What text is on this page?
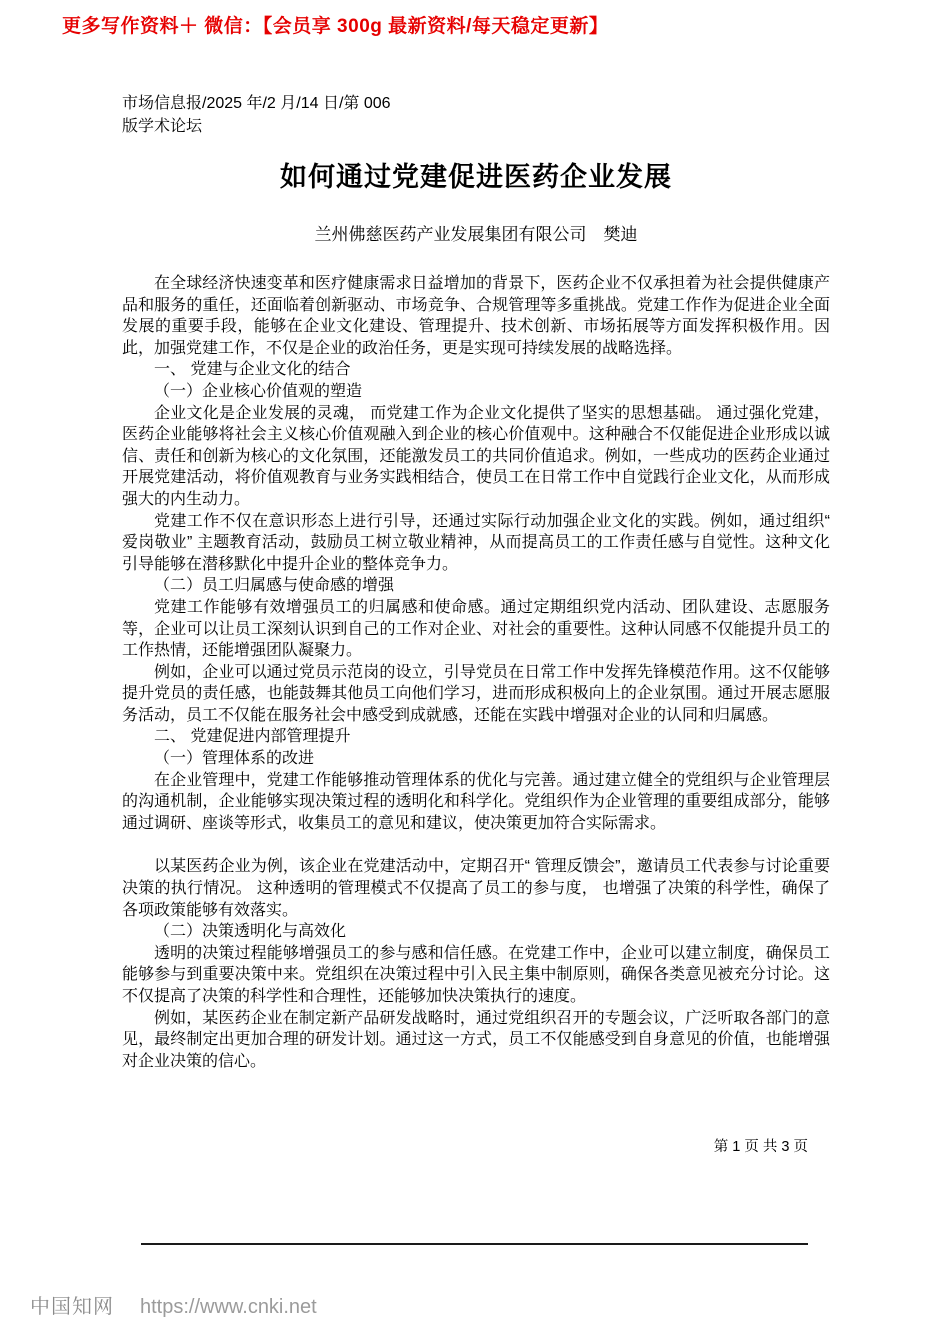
更多写作资料＋ 微信：【会员享 300g 最新资料/每天稳定更新】
市场信息报/2025 年/2 月/14 日/第 006
版学术论坛
如何通过党建促进医药企业发展
兰州佛慈医药产业发展集团有限公司　樊迪

在全球经济快速变革和医疗健康需求日益增加的背景下，医药企业不仅承担着为社会提供健康产品和服务的重任，还面临着创新驱动、市场竞争、合规管理等多重挑战。党建工作作为促进企业全面发展的重要手段，能够在企业文化建设、管理提升、技术创新、市场拓展等方面发挥积极作用。因此，加强党建工作，不仅是企业的政治任务，更是实现可持续发展的战略选择。

一、 党建与企业文化的结合

（一）企业核心价值观的塑造

企业文化是企业发展的灵魂， 而党建工作为企业文化提供了坚实的思想基础。 通过强化党建，医药企业能够将社会主义核心价值观融入到企业的核心价值观中。这种融合不仅能促进企业形成以诚信、责任和创新为核心的文化氛围，还能激发员工的共同价值追求。例如，一些成功的医药企业通过开展党建活动，将价值观教育与业务实践相结合，使员工在日常工作中自觉践行企业文化，从而形成强大的内生动力。

党建工作不仅在意识形态上进行引导，还通过实际行动加强企业文化的实践。例如，通过组织“ 爱岗敬业” 主题教育活动，鼓励员工树立敬业精神，从而提高员工的工作责任感与自觉性。这种文化引导能够在潜移默化中提升企业的整体竞争力。

（二）员工归属感与使命感的增强

党建工作能够有效增强员工的归属感和使命感。通过定期组织党内活动、团队建设、志愿服务等，企业可以让员工深刻认识到自己的工作对企业、对社会的重要性。这种认同感不仅能提升员工的工作热情，还能增强团队凝聚力。

例如，企业可以通过党员示范岗的设立，引导党员在日常工作中发挥先锋模范作用。这不仅能够提升党员的责任感，也能鼓舞其他员工向他们学习，进而形成积极向上的企业氛围。通过开展志愿服务活动，员工不仅能在服务社会中感受到成就感，还能在实践中增强对企业的认同和归属感。

二、 党建促进内部管理提升

（一）管理体系的改进

在企业管理中，党建工作能够推动管理体系的优化与完善。通过建立健全的党组织与企业管理层的沟通机制，企业能够实现决策过程的透明化和科学化。党组织作为企业管理的重要组成部分，能够通过调研、座谈等形式，收集员工的意见和建议，使决策更加符合实际需求。

以某医药企业为例，该企业在党建活动中，定期召开“ 管理反馈会”，邀请员工代表参与讨论重要决策的执行情况。 这种透明的管理模式不仅提高了员工的参与度， 也增强了决策的科学性，确保了各项政策能够有效落实。

（二）决策透明化与高效化

透明的决策过程能够增强员工的参与感和信任感。在党建工作中，企业可以建立制度，确保员工能够参与到重要决策中来。党组织在决策过程中引入民主集中制原则，确保各类意见被充分讨论。这不仅提高了决策的科学性和合理性，还能够加快决策执行的速度。

例如，某医药企业在制定新产品研发战略时，通过党组织召开的专题会议，广泛听取各部门的意见，最终制定出更加合理的研发计划。通过这一方式，员工不仅能感受到自身意见的价值，也能增强对企业决策的信心。

第 1 页 共 3 页
中国知网 https://www.cnki.net
